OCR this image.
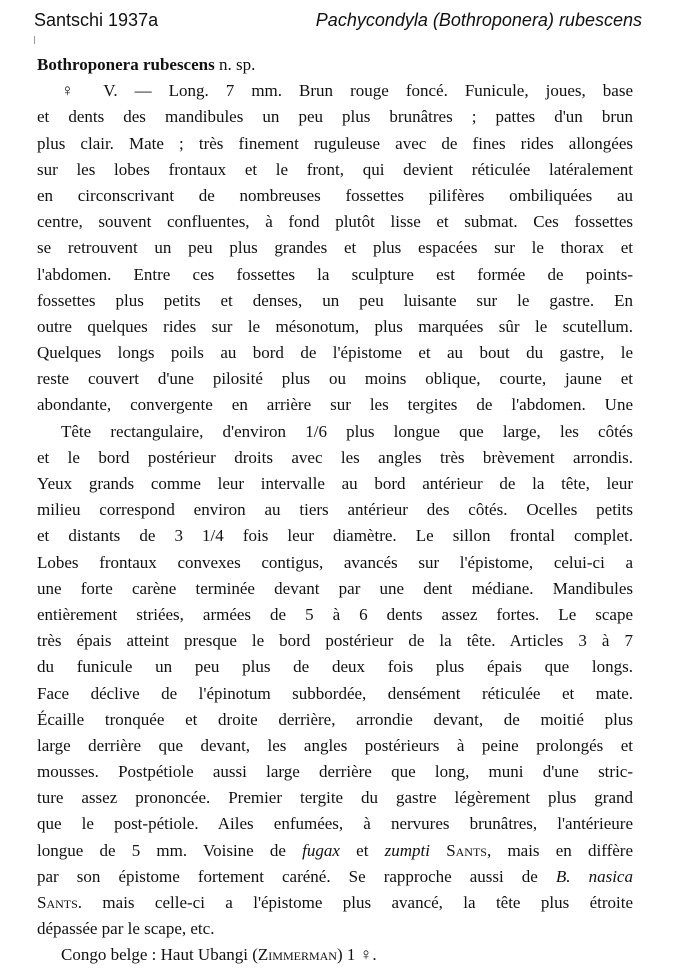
Santschi 1937a	Pachycondyla (Bothroponera) rubescens
Bothroponera rubescens n. sp.
♀ V. — Long. 7 mm. Brun rouge foncé. Funicule, joues, base
et dents des mandibules un peu plus brunâtres ; pattes d'un brun
plus clair. Mate ; très finement ruguleuse avec de fines rides allongées
sur les lobes frontaux et le front, qui devient réticulée latéralement
en circonscrivant de nombreuses fossettes pilifères ombiliquées au
centre, souvent confluentes, à fond plutôt lisse et submat. Ces fossettes
se retrouvent un peu plus grandes et plus espacées sur le thorax et
l'abdomen. Entre ces fossettes la sculpture est formée de points-
fossettes plus petits et denses, un peu luisante sur le gastre. En
outre quelques rides sur le mésonotum, plus marquées sûr le scutellum.
Quelques longs poils au bord de l'épistome et au bout du gastre, le
reste couvert d'une pilosité plus ou moins oblique, courte, jaune et
abondante, convergente en arrière sur les tergites de l'abdomen. Une
Tête rectangulaire, d'environ 1/6 plus longue que large, les côtés
et le bord postérieur droits avec les angles très brèvement arrondis.
Yeux grands comme leur intervalle au bord antérieur de la tête, leur
milieu correspond environ au tiers antérieur des côtés. Ocelles petits
et distants de 3 1/4 fois leur diamètre. Le sillon frontal complet.
Lobes frontaux convexes contigus, avancés sur l'épistome, celui-ci a
une forte carène terminée devant par une dent médiane. Mandibules
entièrement striées, armées de 5 à 6 dents assez fortes. Le scape
très épais atteint presque le bord postérieur de la tête. Articles 3 à 7
du funicule un peu plus de deux fois plus épais que longs.
Face déclive de l'épinotum subbordée, densément réticulée et mate.
Écaille tronquée et droite derrière, arrondie devant, de moitié plus
large derrière que devant, les angles postérieurs à peine prolongés et
mousses. Postpétiole aussi large derrière que long, muni d'une stric-
ture assez prononcée. Premier tergite du gastre légèrement plus grand
que le post-pétiole. Ailes enfumées, à nervures brunâtres, l'antérieure
longue de 5 mm. Voisine de fugax et zumpti Sants, mais en diffère
par son épistome fortement caréné. Se rapproche aussi de B. nasica
Sants. mais celle-ci a l'épistome plus avancé, la tête plus étroite
dépassée par le scape, etc.
Congo belge : Haut Ubangi (Zimmerman) 1 ♀.
